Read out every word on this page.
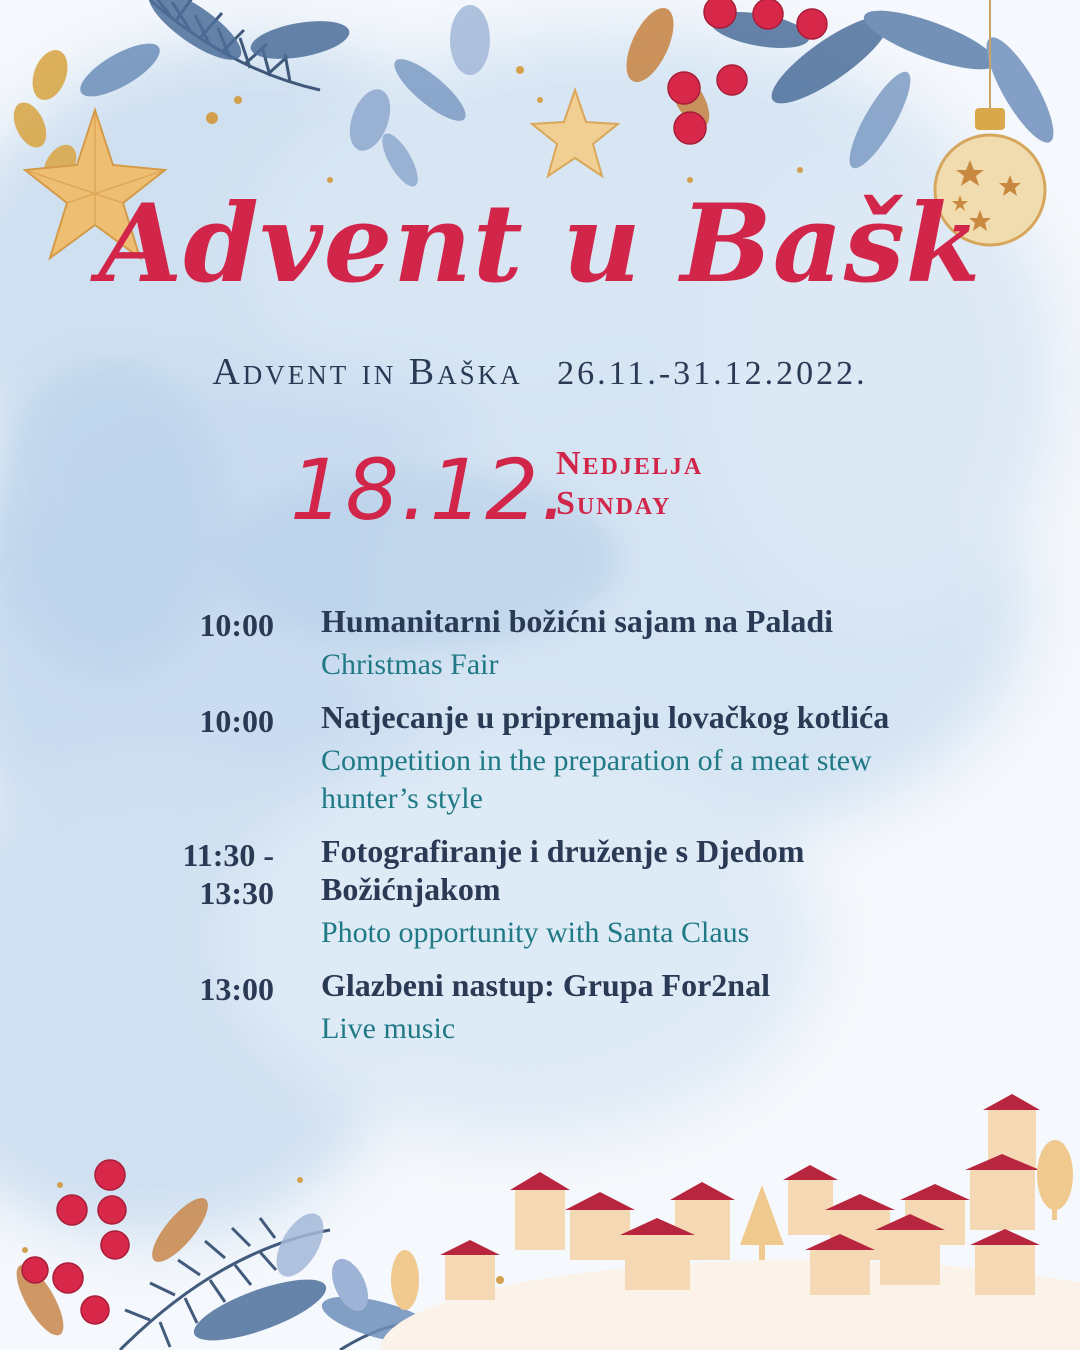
Advent u Bašk
Advent in Baška 26.11.-31.12.2022.
18.12.
Nedjelja
Sunday
10:00 Humanitarni božićni sajam na Paladi
Christmas Fair
10:00 Natjecanje u pripremaju lovačkog kotlića
Competition in the preparation of a meat stew hunter’s style
11:30 - 13:30
Fotografiranje i druženje s Djedom Božićnjakom
Photo opportunity with Santa Claus
13:00 Glazbeni nastup: Grupa For2nal
Live music
